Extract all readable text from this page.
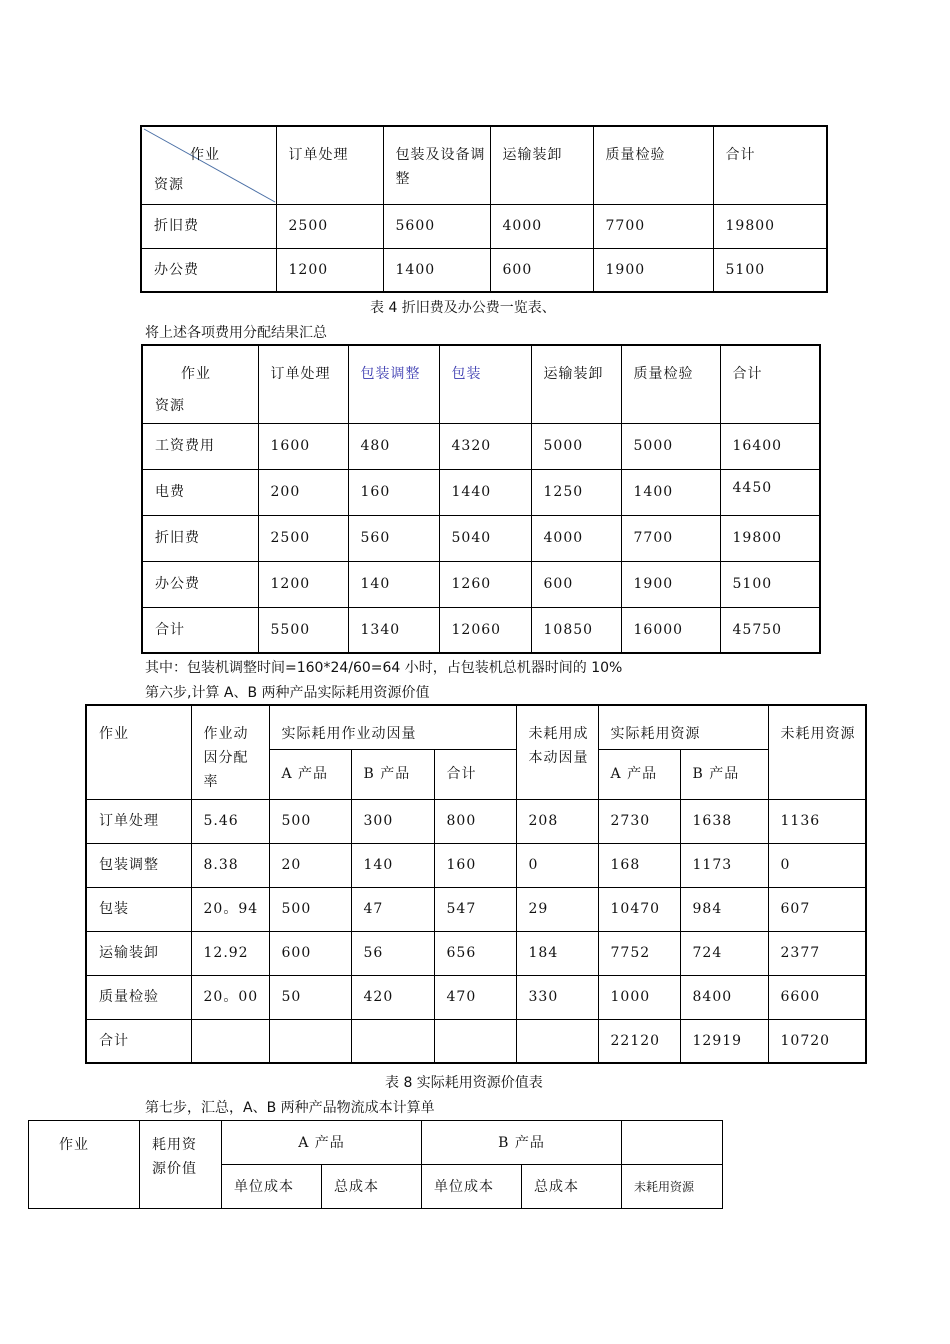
作业
资源	订单处理	包装及设备调整	运输装卸	质量检验	合计
折旧费	2500	5600	4000	7700	19800
办公费	1200	1400	600	1900	5100
表 4 折旧费及办公费一览表、
将上述各项费用分配结果汇总
作业
资源	订单处理	包装调整	包装	运输装卸	质量检验	合计
工资费用	1600	480	4320	5000	5000	16400
电费	200	160	1440	1250	1400	4450
折旧费	2500	560	5040	4000	7700	19800
办公费	1200	140	1260	600	1900	5100
合计	5500	1340	12060	10850	16000	45750
其中：包装机调整时间=160*24/60=64 小时，占包装机总机器时间的 10%
第六步,计算 A、B 两种产品实际耗用资源价值
作业	作业动因分配率	实际耗用作业动因量			未耗用成本动因量	实际耗用资源		未耗用资源
		A 产品	B 产品	合计		A 产品	B 产品	
订单处理	5.46	500	300	800	208	2730	1638	1136
包装调整	8.38	20	140	160	0	168	1173	0
包装	20。94	500	47	547	29	10470	984	607
运输装卸	12.92	600	56	656	184	7752	724	2377
质量检验	20。00	50	420	470	330	1000	8400	6600
合计						22120	12919	10720
表 8 实际耗用资源价值表
第七步，汇总，A、B 两种产品物流成本计算单
作业	耗用资源价值	A 产品		B 产品		
		单位成本	总成本	单位成本	总成本	未耗用资源
